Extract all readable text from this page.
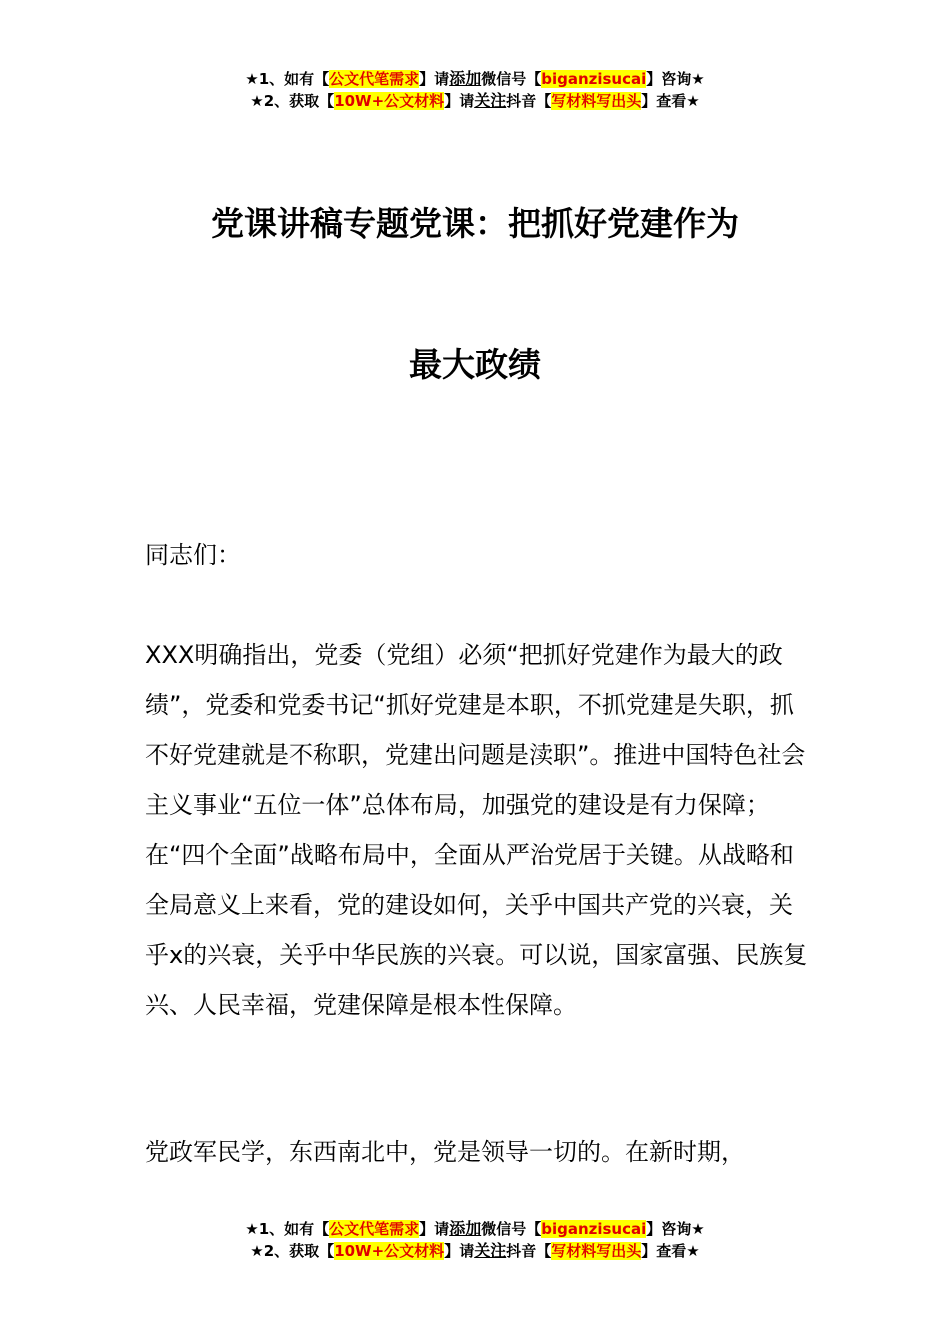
★1、如有【公文代笔需求】请添加微信号【biganzisucai】咨询★
★2、获取【10W+公文材料】请关注抖音【写材料写出头】查看★
党课讲稿专题党课：把抓好党建作为
最大政绩
同志们：

XXX明确指出，党委（党组）必须“把抓好党建作为最大的政绩”，党委和党委书记“抓好党建是本职，不抓党建是失职，抓不好党建就是不称职，党建出问题是渎职”。推进中国特色社会主义事业“五位一体”总体布局，加强党的建设是有力保障；

在“四个全面”战略布局中，全面从严治党居于关键。从战略和全局意义上来看，党的建设如何，关乎中国共产党的兴衰，关乎x的兴衰，关乎中华民族的兴衰。可以说，国家富强、民族复兴、人民幸福，党建保障是根本性保障。

党政军民学，东西南北中，党是领导一切的。在新时期，
★1、如有【公文代笔需求】请添加微信号【biganzisucai】咨询★
★2、获取【10W+公文材料】请关注抖音【写材料写出头】查看★
